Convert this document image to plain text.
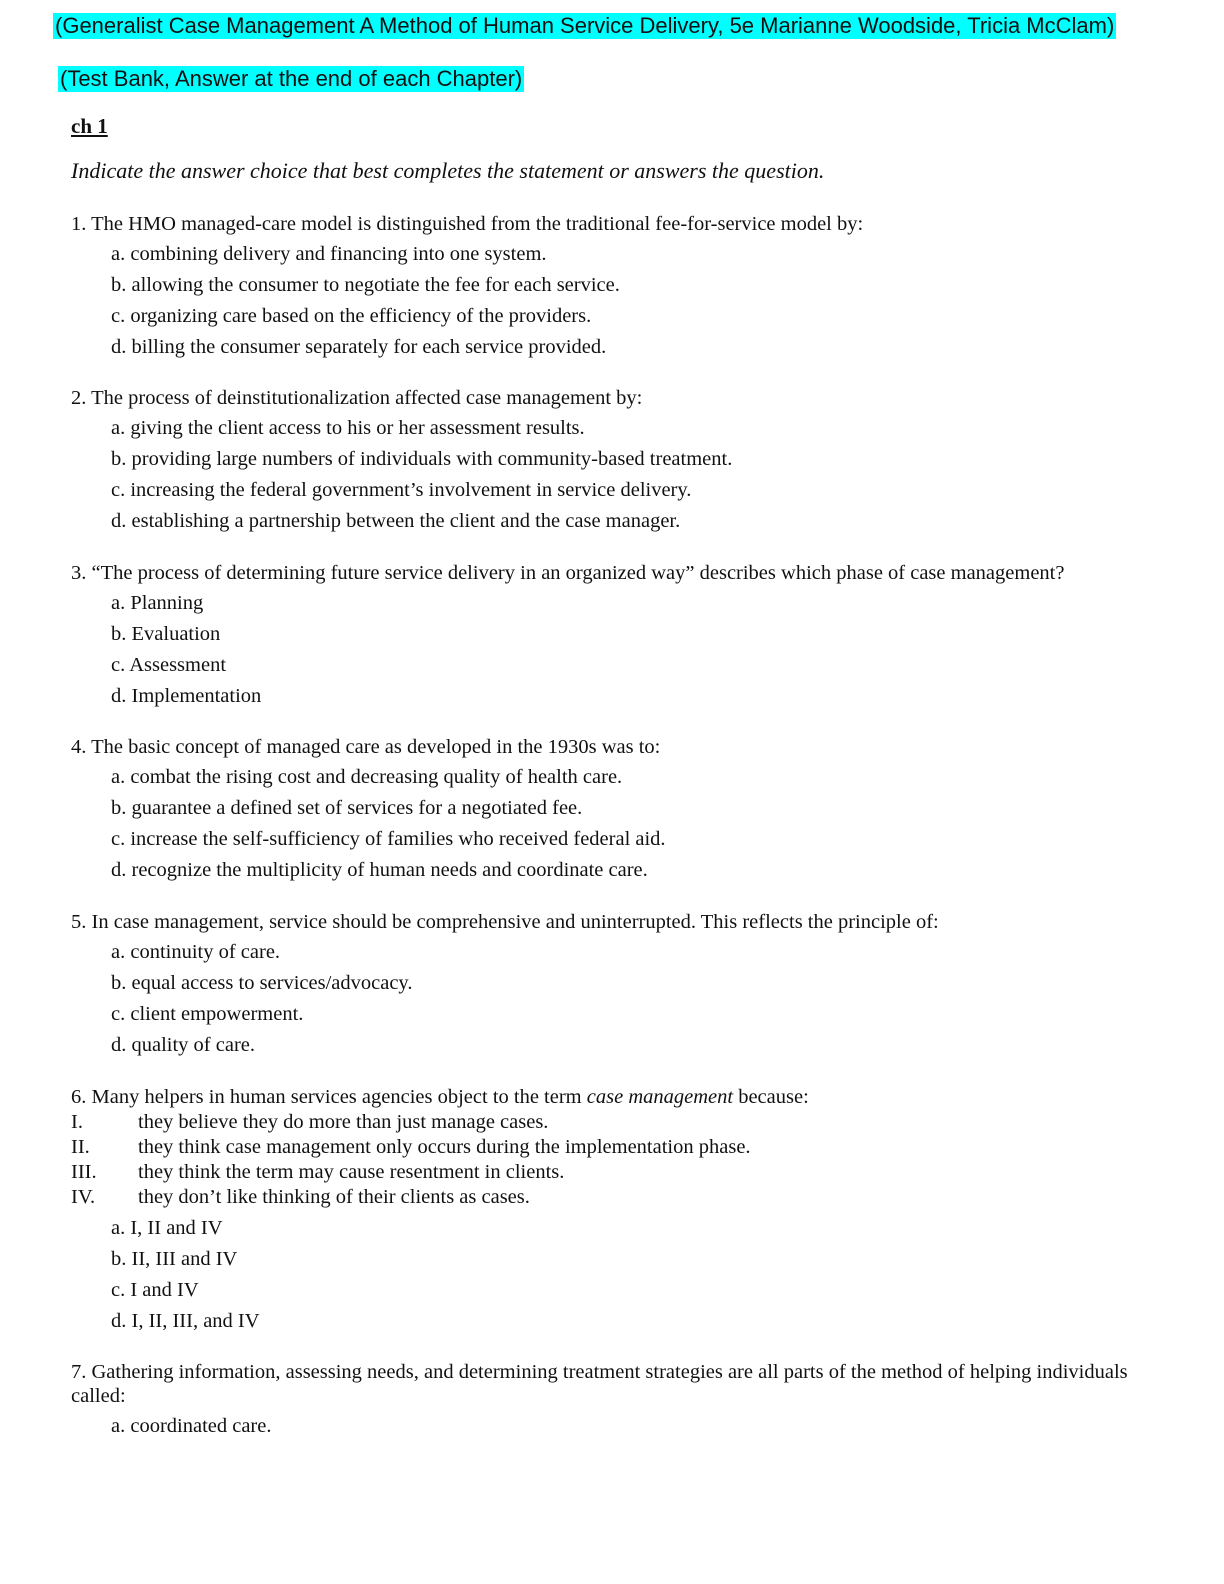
(Generalist Case Management A Method of Human Service Delivery, 5e Marianne Woodside, Tricia McClam)
(Test Bank, Answer at the end of each Chapter)
ch 1
Indicate the answer choice that best completes the statement or answers the question.
1. The HMO managed-care model is distinguished from the traditional fee-for-service model by:
a. combining delivery and financing into one system.
b. allowing the consumer to negotiate the fee for each service.
c. organizing care based on the efficiency of the providers.
d. billing the consumer separately for each service provided.
2. The process of deinstitutionalization affected case management by:
a. giving the client access to his or her assessment results.
b. providing large numbers of individuals with community-based treatment.
c. increasing the federal government’s involvement in service delivery.
d. establishing a partnership between the client and the case manager.
3. “The process of determining future service delivery in an organized way” describes which phase of case management?
a. Planning
b. Evaluation
c. Assessment
d. Implementation
4. The basic concept of managed care as developed in the 1930s was to:
a. combat the rising cost and decreasing quality of health care.
b. guarantee a defined set of services for a negotiated fee.
c. increase the self-sufficiency of families who received federal aid.
d. recognize the multiplicity of human needs and coordinate care.
5. In case management, service should be comprehensive and uninterrupted. This reflects the principle of:
a. continuity of care.
b. equal access to services/advocacy.
c. client empowerment.
d. quality of care.
6. Many helpers in human services agencies object to the term case management because:
I.	they believe they do more than just manage cases.
II.	they think case management only occurs during the implementation phase.
III.	they think the term may cause resentment in clients.
IV.	they don’t like thinking of their clients as cases.
a. I, II and IV
b. II, III and IV
c. I and IV
d. I, II, III, and IV
7. Gathering information, assessing needs, and determining treatment strategies are all parts of the method of helping individuals called:
a. coordinated care.
